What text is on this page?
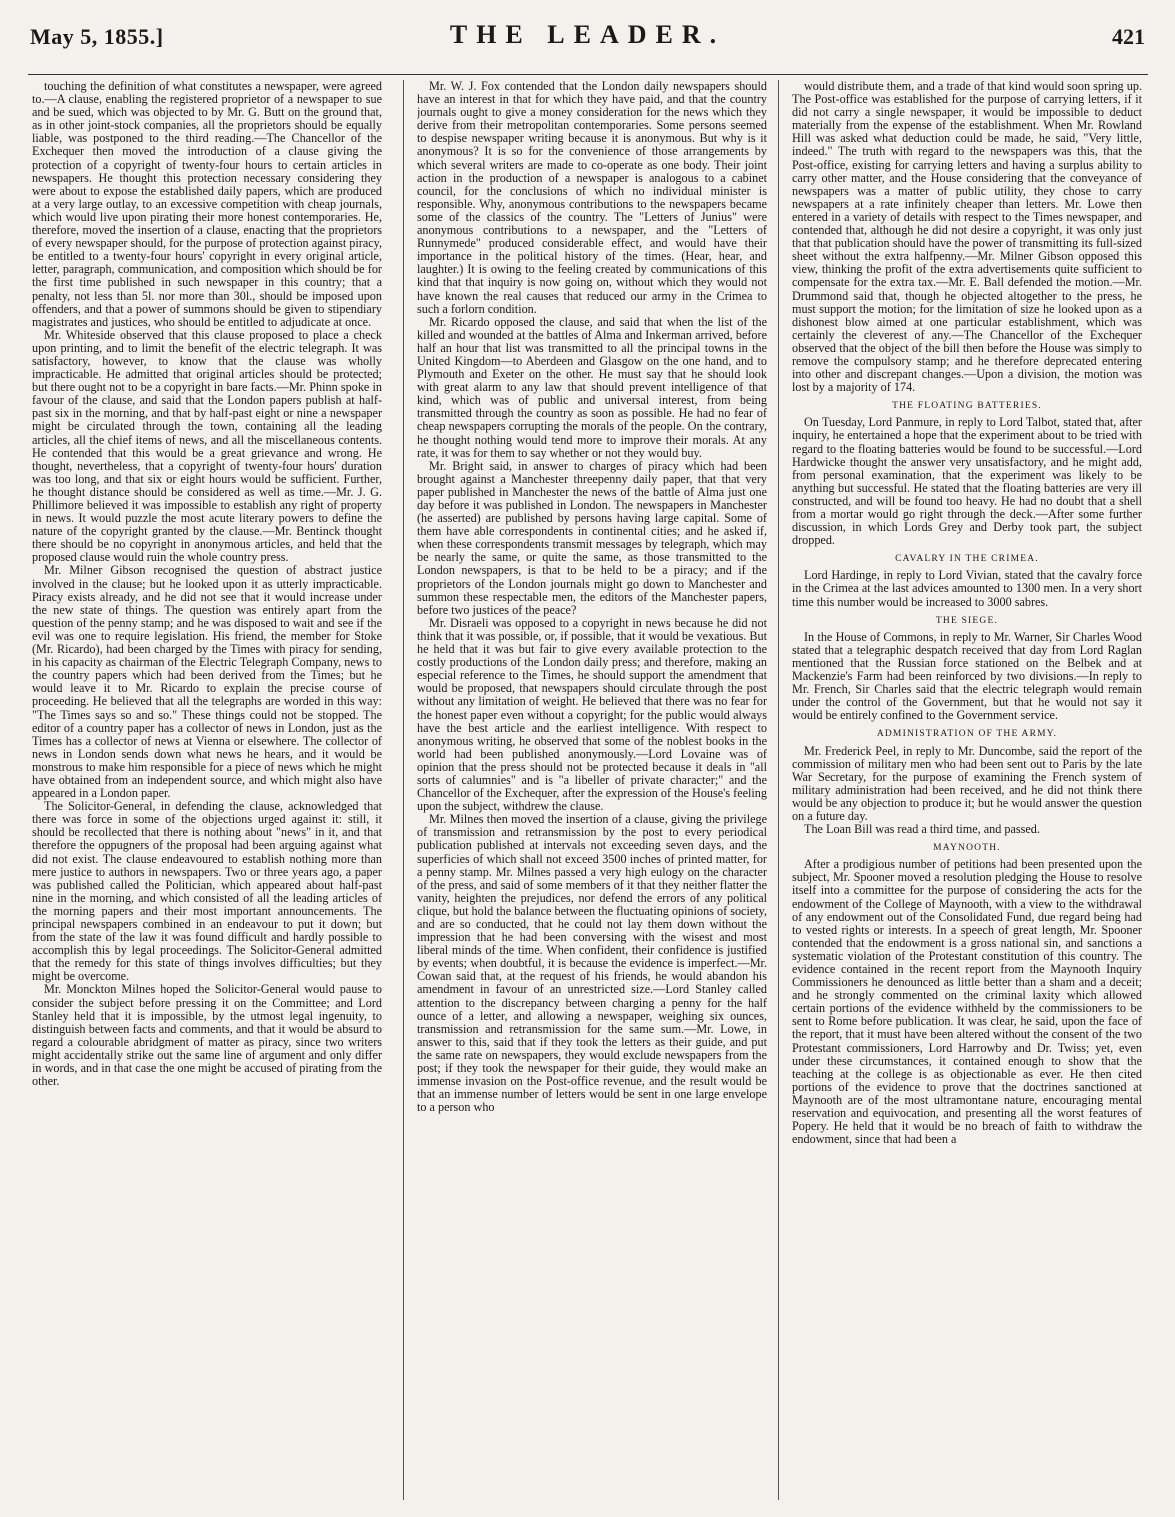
May 5, 1855.]	THE LEADER.	421

touching the definition of what constitutes a newspaper, were agreed to.—A clause, enabling the registered proprietor of a newspaper to sue and be sued, which was objected to by Mr. G. Butt on the ground that, as in other joint-stock companies, all the proprietors should be equally liable, was postponed to the third reading.—The Chancellor of the Exchequer then moved the introduction of a clause giving the protection of a copyright of twenty-four hours to certain articles in newspapers. He thought this protection necessary considering they were about to expose the established daily papers, which are produced at a very large outlay, to an excessive competition with cheap journals, which would live upon pirating their more honest contemporaries. He, therefore, moved the insertion of a clause, enacting that the proprietors of every newspaper should, for the purpose of protection against piracy, be entitled to a twenty-four hours' copyright in every original article, letter, paragraph, communication, and composition which should be for the first time published in such newspaper in this country; that a penalty, not less than 5l. nor more than 30l., should be imposed upon offenders, and that a power of summons should be given to stipendiary magistrates and justices, who should be entitled to adjudicate at once.

Mr. Whiteside observed that this clause proposed to place a check upon printing, and to limit the benefit of the electric telegraph. It was satisfactory, however, to know that the clause was wholly impracticable. He admitted that original articles should be protected; but there ought not to be a copyright in bare facts.—Mr. Phinn spoke in favour of the clause, and said that the London papers publish at half-past six in the morning, and that by half-past eight or nine a newspaper might be circulated through the town, containing all the leading articles, all the chief items of news, and all the miscellaneous contents. He contended that this would be a great grievance and wrong. He thought, nevertheless, that a copyright of twenty-four hours' duration was too long, and that six or eight hours would be sufficient. Further, he thought distance should be considered as well as time.—Mr. J. G. Phillimore believed it was impossible to establish any right of property in news. It would puzzle the most acute literary powers to define the nature of the copyright granted by the clause.—Mr. Bentinck thought there should be no copyright in anonymous articles, and held that the proposed clause would ruin the whole country press.

Mr. Milner Gibson recognised the question of abstract justice involved in the clause; but he looked upon it as utterly impracticable. Piracy exists already, and he did not see that it would increase under the new state of things. The question was entirely apart from the question of the penny stamp; and he was disposed to wait and see if the evil was one to require legislation. His friend, the member for Stoke (Mr. Ricardo), had been charged by the Times with piracy for sending, in his capacity as chairman of the Electric Telegraph Company, news to the country papers which had been derived from the Times; but he would leave it to Mr. Ricardo to explain the precise course of proceeding. He believed that all the telegraphs are worded in this way: "The Times says so and so." These things could not be stopped. The editor of a country paper has a collector of news in London, just as the Times has a collector of news at Vienna or elsewhere. The collector of news in London sends down what news he hears, and it would be monstrous to make him responsible for a piece of news which he might have obtained from an independent source, and which might also have appeared in a London paper.

The Solicitor-General, in defending the clause, acknowledged that there was force in some of the objections urged against it: still, it should be recollected that there is nothing about "news" in it, and that therefore the oppugners of the proposal had been arguing against what did not exist. The clause endeavoured to establish nothing more than mere justice to authors in newspapers. Two or three years ago, a paper was published called the Politician, which appeared about half-past nine in the morning, and which consisted of all the leading articles of the morning papers and their most important announcements. The principal newspapers combined in an endeavour to put it down; but from the state of the law it was found difficult and hardly possible to accomplish this by legal proceedings. The Solicitor-General admitted that the remedy for this state of things involves difficulties; but they might be overcome.

Mr. Monckton Milnes hoped the Solicitor-General would pause to consider the subject before pressing it on the Committee; and Lord Stanley held that it is impossible, by the utmost legal ingenuity, to distinguish between facts and comments, and that it would be absurd to regard a colourable abridgment of matter as piracy, since two writers might accidentally strike out the same line of argument and only differ in words, and in that case the one might be accused of pirating from the other.

Mr. W. J. Fox contended that the London daily newspapers should have an interest in that for which they have paid, and that the country journals ought to give a money consideration for the news which they derive from their metropolitan contemporaries. Some persons seemed to despise newspaper writing because it is anonymous. But why is it anonymous? It is so for the convenience of those arrangements by which several writers are made to co-operate as one body. Their joint action in the production of a newspaper is analogous to a cabinet council, for the conclusions of which no individual minister is responsible. Why, anonymous contributions to the newspapers became some of the classics of the country. The "Letters of Junius" were anonymous contributions to a newspaper, and the "Letters of Runnymede" produced considerable effect, and would have their importance in the political history of the times. (Hear, hear, and laughter.) It is owing to the feeling created by communications of this kind that that inquiry is now going on, without which they would not have known the real causes that reduced our army in the Crimea to such a forlorn condition.

Mr. Ricardo opposed the clause, and said that when the list of the killed and wounded at the battles of Alma and Inkerman arrived, before half an hour that list was transmitted to all the principal towns in the United Kingdom—to Aberdeen and Glasgow on the one hand, and to Plymouth and Exeter on the other. He must say that he should look with great alarm to any law that should prevent intelligence of that kind, which was of public and universal interest, from being transmitted through the country as soon as possible. He had no fear of cheap newspapers corrupting the morals of the people. On the contrary, he thought nothing would tend more to improve their morals. At any rate, it was for them to say whether or not they would buy.

Mr. Bright said, in answer to charges of piracy which had been brought against a Manchester threepenny daily paper, that that very paper published in Manchester the news of the battle of Alma just one day before it was published in London. The newspapers in Manchester (he asserted) are published by persons having large capital. Some of them have able correspondents in continental cities; and he asked if, when these correspondents transmit messages by telegraph, which may be nearly the same, or quite the same, as those transmitted to the London newspapers, is that to be held to be a piracy; and if the proprietors of the London journals might go down to Manchester and summon these respectable men, the editors of the Manchester papers, before two justices of the peace?

Mr. Disraeli was opposed to a copyright in news because he did not think that it was possible, or, if possible, that it would be vexatious. But he held that it was but fair to give every available protection to the costly productions of the London daily press; and therefore, making an especial reference to the Times, he should support the amendment that would be proposed, that newspapers should circulate through the post without any limitation of weight. He believed that there was no fear for the honest paper even without a copyright; for the public would always have the best article and the earliest intelligence. With respect to anonymous writing, he observed that some of the noblest books in the world had been published anonymously.—Lord Lovaine was of opinion that the press should not be protected because it deals in "all sorts of calumnies" and is "a libeller of private character;" and the Chancellor of the Exchequer, after the expression of the House's feeling upon the subject, withdrew the clause.

Mr. Milnes then moved the insertion of a clause, giving the privilege of transmission and retransmission by the post to every periodical publication published at intervals not exceeding seven days, and the superficies of which shall not exceed 3500 inches of printed matter, for a penny stamp. Mr. Milnes passed a very high eulogy on the character of the press, and said of some members of it that they neither flatter the vanity, heighten the prejudices, nor defend the errors of any political clique, but hold the balance between the fluctuating opinions of society, and are so conducted, that he could not lay them down without the impression that he had been conversing with the wisest and most liberal minds of the time. When confident, their confidence is justified by events; when doubtful, it is because the evidence is imperfect.—Mr. Cowan said that, at the request of his friends, he would abandon his amendment in favour of an unrestricted size.—Lord Stanley called attention to the discrepancy between charging a penny for the half ounce of a letter, and allowing a newspaper, weighing six ounces, transmission and retransmission for the same sum.—Mr. Lowe, in answer to this, said that if they took the letters as their guide, and put the same rate on newspapers, they would exclude newspapers from the post; if they took the newspaper for their guide, they would make an immense invasion on the Post-office revenue, and the result would be that an immense number of letters would be sent in one large envelope to a person who

would distribute them, and a trade of that kind would soon spring up. The Post-office was established for the purpose of carrying letters, if it did not carry a single newspaper, it would be impossible to deduct materially from the expense of the establishment. When Mr. Rowland Hill was asked what deduction could be made, he said, "Very little, indeed." The truth with regard to the newspapers was this, that the Post-office, existing for carrying letters and having a surplus ability to carry other matter, and the House considering that the conveyance of newspapers was a matter of public utility, they chose to carry newspapers at a rate infinitely cheaper than letters. Mr. Lowe then entered in a variety of details with respect to the Times newspaper, and contended that, although he did not desire a copyright, it was only just that that publication should have the power of transmitting its full-sized sheet without the extra halfpenny.—Mr. Milner Gibson opposed this view, thinking the profit of the extra advertisements quite sufficient to compensate for the extra tax.—Mr. E. Ball defended the motion.—Mr. Drummond said that, though he objected altogether to the press, he must support the motion; for the limitation of size he looked upon as a dishonest blow aimed at one particular establishment, which was certainly the cleverest of any.—The Chancellor of the Exchequer observed that the object of the bill then before the House was simply to remove the compulsory stamp; and he therefore deprecated entering into other and discrepant changes.—Upon a division, the motion was lost by a majority of 174.

THE FLOATING BATTERIES.

On Tuesday, Lord Panmure, in reply to Lord Talbot, stated that, after inquiry, he entertained a hope that the experiment about to be tried with regard to the floating batteries would be found to be successful.—Lord Hardwicke thought the answer very unsatisfactory, and he might add, from personal examination, that the experiment was likely to be anything but successful. He stated that the floating batteries are very ill constructed, and will be found too heavy. He had no doubt that a shell from a mortar would go right through the deck.—After some further discussion, in which Lords Grey and Derby took part, the subject dropped.

CAVALRY IN THE CRIMEA.

Lord Hardinge, in reply to Lord Vivian, stated that the cavalry force in the Crimea at the last advices amounted to 1300 men. In a very short time this number would be increased to 3000 sabres.

THE SIEGE.

In the House of Commons, in reply to Mr. Warner, Sir Charles Wood stated that a telegraphic despatch received that day from Lord Raglan mentioned that the Russian force stationed on the Belbek and at Mackenzie's Farm had been reinforced by two divisions.—In reply to Mr. French, Sir Charles said that the electric telegraph would remain under the control of the Government, but that he would not say it would be entirely confined to the Government service.

ADMINISTRATION OF THE ARMY.

Mr. Frederick Peel, in reply to Mr. Duncombe, said the report of the commission of military men who had been sent out to Paris by the late War Secretary, for the purpose of examining the French system of military administration had been received, and he did not think there would be any objection to produce it; but he would answer the question on a future day.

The Loan Bill was read a third time, and passed.

MAYNOOTH.

After a prodigious number of petitions had been presented upon the subject, Mr. Spooner moved a resolution pledging the House to resolve itself into a committee for the purpose of considering the acts for the endowment of the College of Maynooth, with a view to the withdrawal of any endowment out of the Consolidated Fund, due regard being had to vested rights or interests. In a speech of great length, Mr. Spooner contended that the endowment is a gross national sin, and sanctions a systematic violation of the Protestant constitution of this country. The evidence contained in the recent report from the Maynooth Inquiry Commissioners he denounced as little better than a sham and a deceit; and he strongly commented on the criminal laxity which allowed certain portions of the evidence withheld by the commissioners to be sent to Rome before publication. It was clear, he said, upon the face of the report, that it must have been altered without the consent of the two Protestant commissioners, Lord Harrowby and Dr. Twiss; yet, even under these circumstances, it contained enough to show that the teaching at the college is as objectionable as ever. He then cited portions of the evidence to prove that the doctrines sanctioned at Maynooth are of the most ultramontane nature, encouraging mental reservation and equivocation, and presenting all the worst features of Popery. He held that it would be no breach of faith to withdraw the endowment, since that had been a
